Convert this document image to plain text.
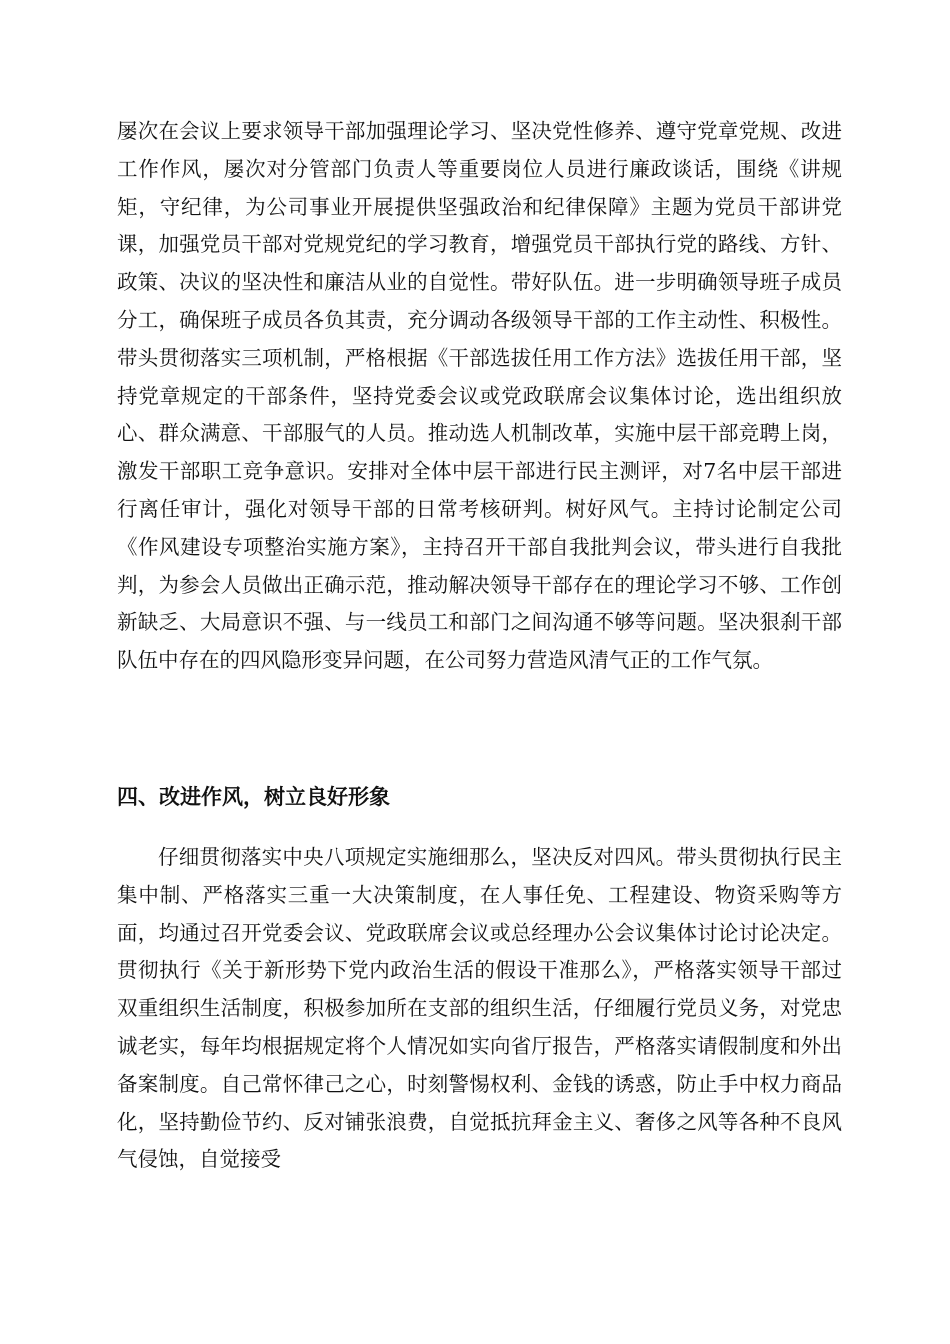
屡次在会议上要求领导干部加强理论学习、坚决党性修养、遵守党章党规、改进工作作风，屡次对分管部门负责人等重要岗位人员进行廉政谈话，围绕《讲规矩，守纪律，为公司事业开展提供坚强政治和纪律保障》主题为党员干部讲党课，加强党员干部对党规党纪的学习教育，增强党员干部执行党的路线、方针、政策、决议的坚决性和廉洁从业的自觉性。带好队伍。进一步明确领导班子成员分工，确保班子成员各负其责，充分调动各级领导干部的工作主动性、积极性。带头贯彻落实三项机制，严格根据《干部选拔任用工作方法》选拔任用干部，坚持党章规定的干部条件，坚持党委会议或党政联席会议集体讨论，选出组织放心、群众满意、干部服气的人员。推动选人机制改革，实施中层干部竞聘上岗，激发干部职工竞争意识。安排对全体中层干部进行民主测评，对7名中层干部进行离任审计，强化对领导干部的日常考核研判。树好风气。主持讨论制定公司《作风建设专项整治实施方案》，主持召开干部自我批判会议，带头进行自我批判，为参会人员做出正确示范，推动解决领导干部存在的理论学习不够、工作创新缺乏、大局意识不强、与一线员工和部门之间沟通不够等问题。坚决狠刹干部队伍中存在的四风隐形变异问题，在公司努力营造风清气正的工作气氛。

四、改进作风，树立良好形象

仔细贯彻落实中央八项规定实施细那么，坚决反对四风。带头贯彻执行民主集中制、严格落实三重一大决策制度，在人事任免、工程建设、物资采购等方面，均通过召开党委会议、党政联席会议或总经理办公会议集体讨论讨论决定。贯彻执行《关于新形势下党内政治生活的假设干准那么》，严格落实领导干部过双重组织生活制度，积极参加所在支部的组织生活，仔细履行党员义务，对党忠诚老实，每年均根据规定将个人情况如实向省厅报告，严格落实请假制度和外出备案制度。自己常怀律己之心，时刻警惕权利、金钱的诱惑，防止手中权力商品化，坚持勤俭节约、反对铺张浪费，自觉抵抗拜金主义、奢侈之风等各种不良风气侵蚀，自觉接受
